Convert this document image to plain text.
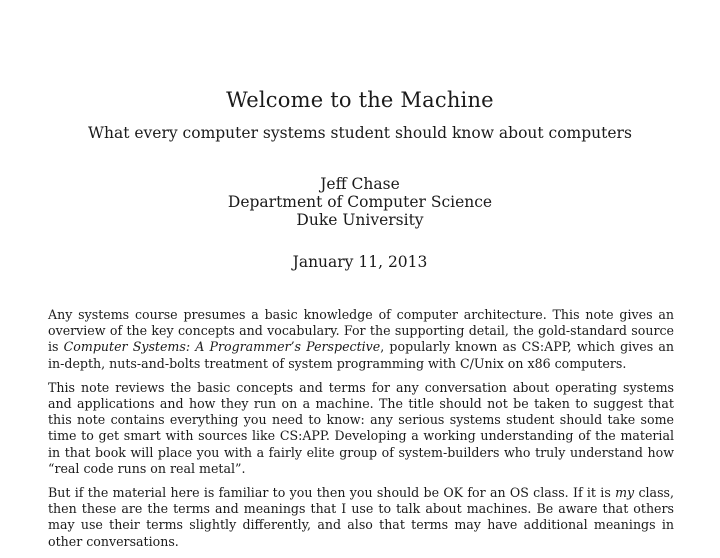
Welcome to the Machine
What every computer systems student should know about computers
Jeff Chase
Department of Computer Science
Duke University
January 11, 2013

Any systems course presumes a basic knowledge of computer architecture. This note gives an overview of the key concepts and vocabulary. For the supporting detail, the gold-standard source is Computer Systems: A Programmer’s Perspective, popularly known as CS:APP, which gives an in-depth, nuts-and-bolts treatment of system programming with C/Unix on x86 computers.

This note reviews the basic concepts and terms for any conversation about operating systems and applications and how they run on a machine. The title should not be taken to suggest that this note contains everything you need to know: any serious systems student should take some time to get smart with sources like CS:APP. Developing a working understanding of the material in that book will place you with a fairly elite group of system-builders who truly understand how “real code runs on real metal”.

But if the material here is familiar to you then you should be OK for an OS class. If it is my class, then these are the terms and meanings that I use to talk about machines. Be aware that others may use their terms slightly differently, and also that terms may have additional meanings in other conversations.
